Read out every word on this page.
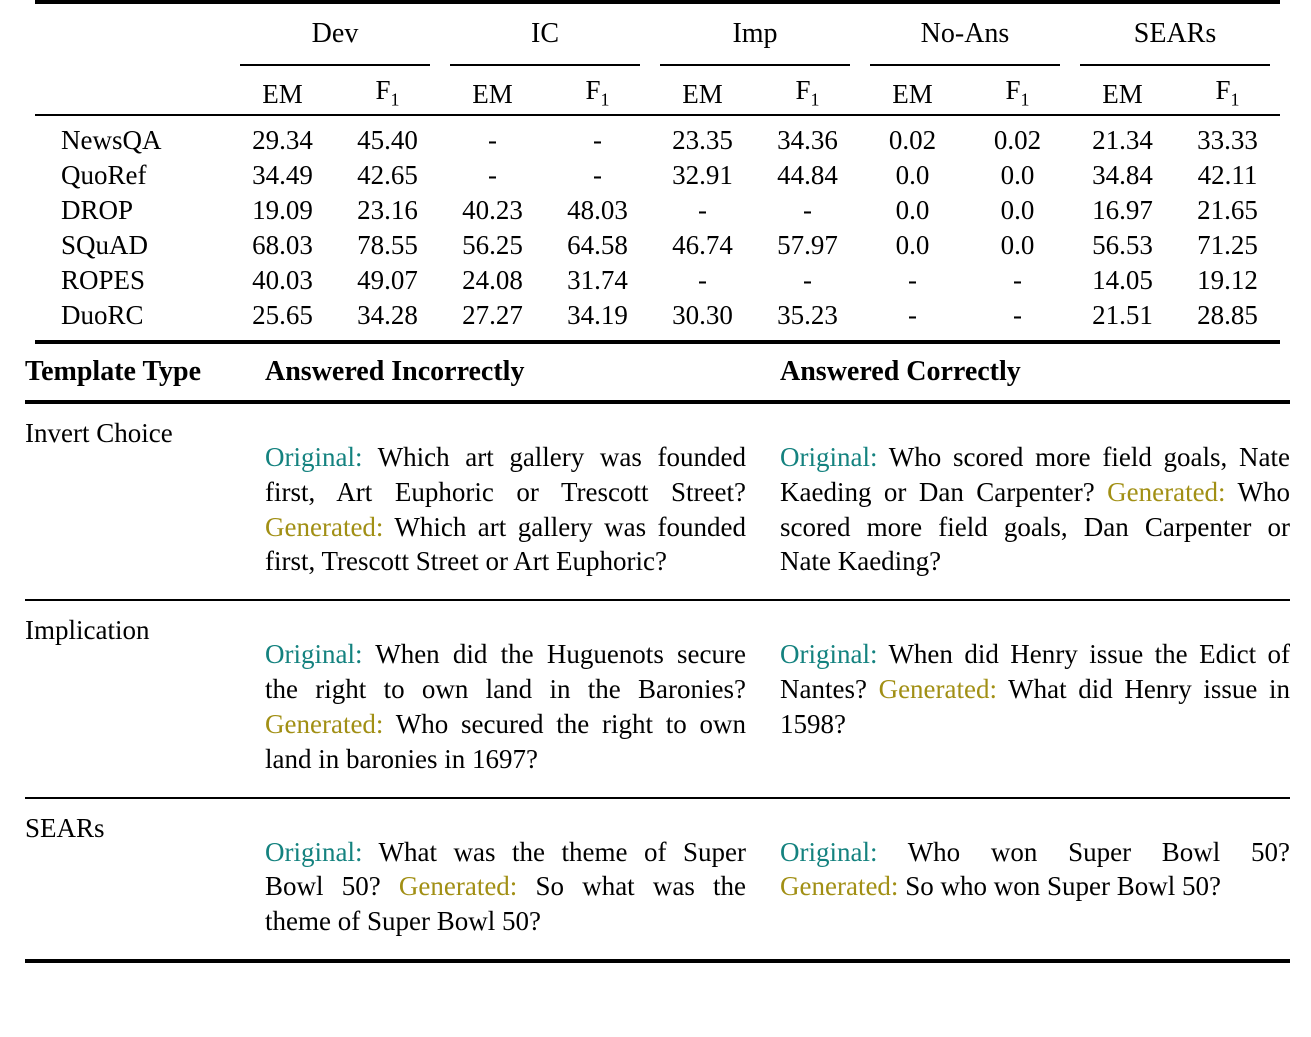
	Dev		IC		Imp		No-Ans		SEARs	

	EM	$F_1$	EM	$F_1$	EM	$F_1$	EM	$F_1$	EM	$F_1$

NewsQA	29.34	45.40	-	-	23.35	34.36	0.02	0.02	21.34	33.33
QuoRef	34.49	42.65	-	-	32.91	44.84	0.0	0.0	34.84	42.11
DROP	19.09	23.16	40.23	48.03	-	-	0.0	0.0	16.97	21.65
SQuAD	68.03	78.55	56.25	64.58	46.74	57.97	0.0	0.0	56.53	71.25
ROPES	40.03	49.07	24.08	31.74	-	-	-	-	14.05	19.12
DuoRC	25.65	34.28	27.27	34.19	30.30	35.23	-	-	21.51	28.85

Template Type	Answered Incorrectly	Answered Correctly

Invert Choice	Original: Which art gallery was founded first, Art Euphoric or Trescott Street? Generated: Which art gallery was founded first, Trescott Street or Art Euphoric?	Original: Who scored more field goals, Nate Kaeding or Dan Carpenter? Generated: Who scored more field goals, Dan Carpenter or Nate Kaeding?

Implication	Original: When did the Huguenots secure the right to own land in the Baronies? Generated: Who secured the right to own land in baronies in 1697?	Original: When did Henry issue the Edict of Nantes? Generated: What did Henry issue in 1598?

SEARs	Original: What was the theme of Super Bowl 50? Generated: So what was the theme of Super Bowl 50?	Original: Who won Super Bowl 50? Generated: So who won Super Bowl 50?
